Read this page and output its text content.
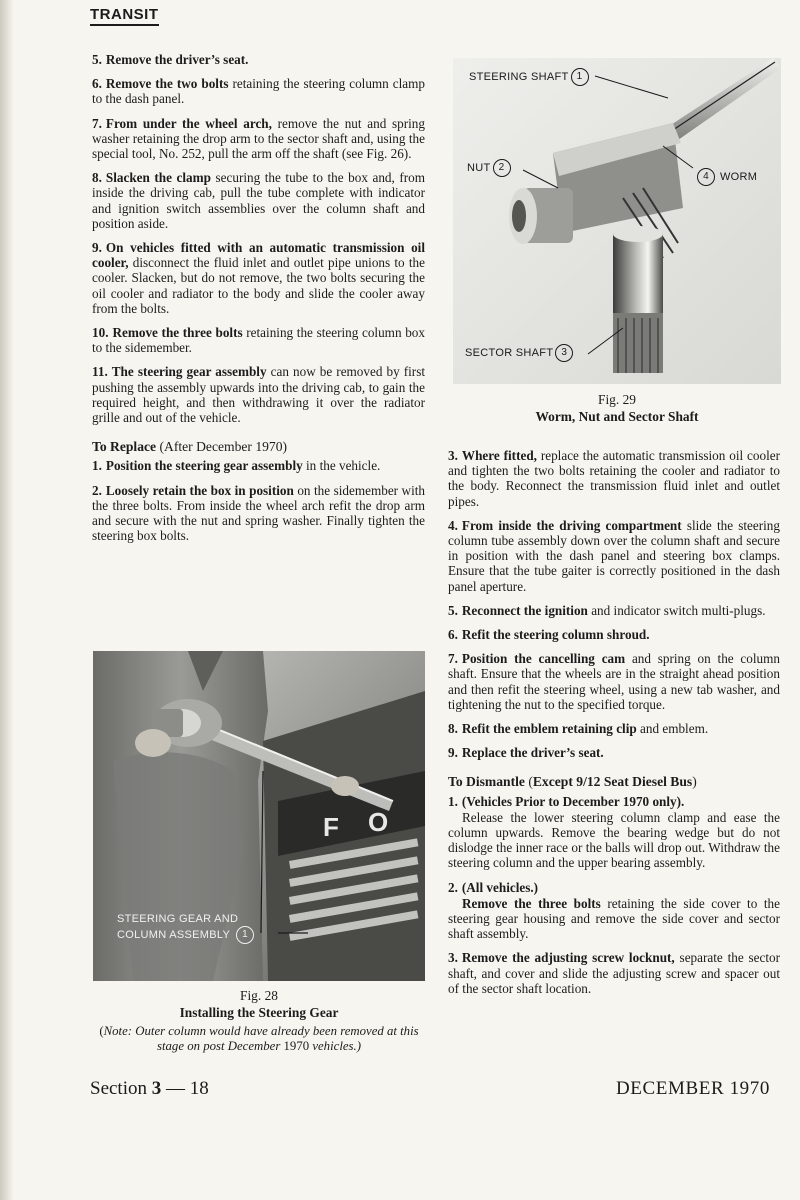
TRANSIT

5. Remove the driver’s seat.

6. Remove the two bolts retaining the steering column clamp to the dash panel.

7. From under the wheel arch, remove the nut and spring washer retaining the drop arm to the sector shaft and, using the special tool, No. 252, pull the arm off the shaft (see Fig. 26).

8. Slacken the clamp securing the tube to the box and, from inside the driving cab, pull the tube complete with indicator and ignition switch assemblies over the column shaft and position aside.

9. On vehicles fitted with an automatic transmission oil cooler, disconnect the fluid inlet and outlet pipe unions to the cooler. Slacken, but do not remove, the two bolts securing the oil cooler and radiator to the body and slide the cooler away from the bolts.

10. Remove the three bolts retaining the steering column box to the sidemember.

11. The steering gear assembly can now be removed by first pushing the assembly upwards into the driving cab, to gain the required height, and then withdrawing it over the radiator grille and out of the vehicle.

To Replace (After December 1970)

1. Position the steering gear assembly in the vehicle.

2. Loosely retain the box in position on the sidemember with the three bolts. From inside the wheel arch refit the drop arm and secure with the nut and spring washer. Finally tighten the steering box bolts.

F O
STEERING GEAR AND
COLUMN ASSEMBLY 1
Fig. 28
Installing the Steering Gear
(Note: Outer column would have already been removed at this stage on post December 1970 vehicles.)
STEERING SHAFT 1
NUT 2
4 WORM
SECTOR SHAFT 3
Fig. 29
Worm, Nut and Sector Shaft

3. Where fitted, replace the automatic transmission oil cooler and tighten the two bolts retaining the cooler and radiator to the body. Reconnect the transmission fluid inlet and outlet pipes.

4. From inside the driving compartment slide the steering column tube assembly down over the column shaft and secure in position with the dash panel and steering box clamps. Ensure that the tube gaiter is correctly positioned in the dash panel aperture.

5. Reconnect the ignition and indicator switch multi-plugs.

6. Refit the steering column shroud.

7. Position the cancelling cam and spring on the column shaft. Ensure that the wheels are in the straight ahead position and then refit the steering wheel, using a new tab washer, and tightening the nut to the specified torque.

8. Refit the emblem retaining clip and emblem.

9. Replace the driver’s seat.

To Dismantle (Except 9/12 Seat Diesel Bus)

1. (Vehicles Prior to December 1970 only).

Release the lower steering column clamp and ease the column upwards. Remove the bearing wedge but do not dislodge the inner race or the balls will drop out. Withdraw the steering column and the upper bearing assembly.

2. (All vehicles.)

Remove the three bolts retaining the side cover to the steering gear housing and remove the side cover and sector shaft assembly.

3. Remove the adjusting screw locknut, separate the sector shaft, and cover and slide the adjusting screw and spacer out of the sector shaft location.

Section 3 — 18	DECEMBER 1970
